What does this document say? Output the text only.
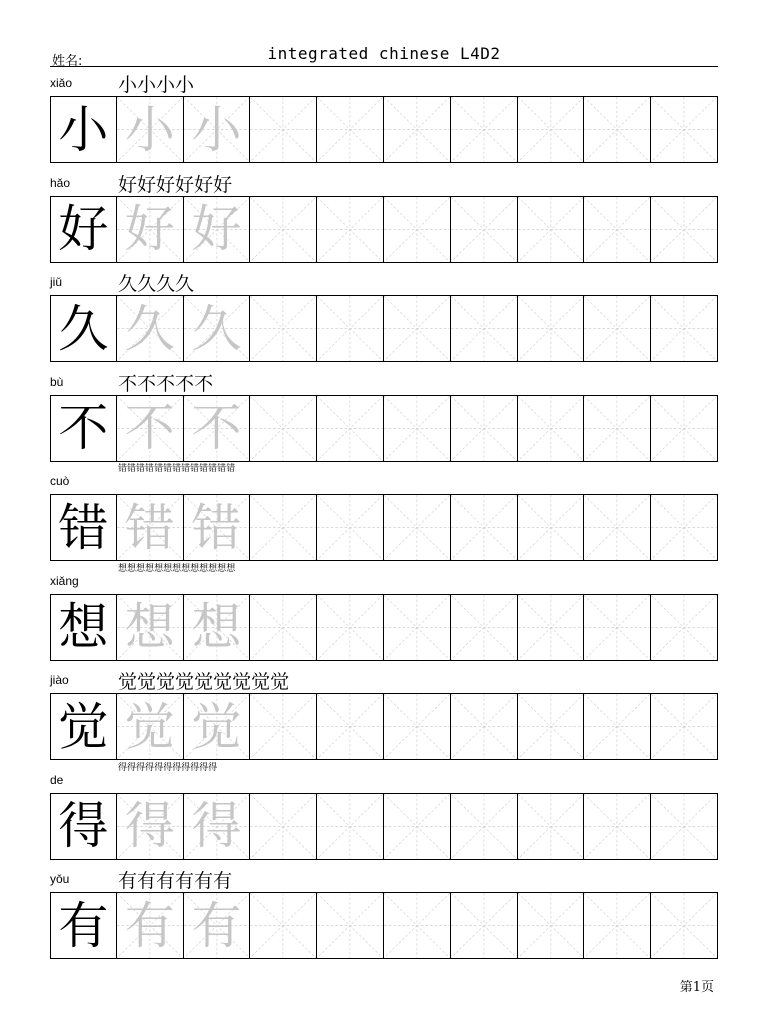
姓名:	integrated chinese L4D2
xiǎo 小小小小
小 小 小
hǎo	好好好好好好
好 好 好
jiǔ	久久久久
久 久 久
bù	不不不不不
不 不 不
cuò
错错错错错错错错错错错错错
错 错 错
xiǎng
想想想想想想想想想想想想想
想 想 想
jiào	觉觉觉觉觉觉觉觉觉
觉 觉 觉
de
得得得得得得得得得得得
得 得 得
yǒu	有有有有有有
有 有 有
第1页
